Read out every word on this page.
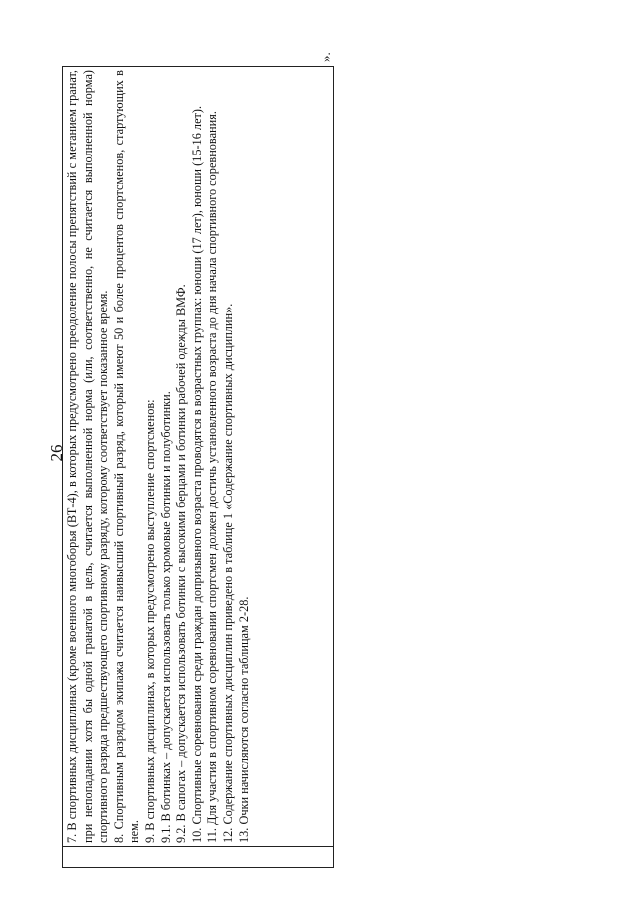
26 7. В спортивных дисциплинах (кроме военного многоборья (ВТ-4), в которых предусмотрено преодоление полосы препятствий с метанием гранат, при непопадании хотя бы одной гранатой в цель, считается выполненной норма (или, соответственно, не считается выполненной норма) спортивного разряда предшествующего спортивному разряду, которому соответствует показанное время. 8. Спортивным разрядом экипажа считается наивысший спортивный разряд, который имеют 50 и более процентов спортсменов, стартующих в нем. 9. В спортивных дисциплинах, в которых предусмотрено выступление спортсменов: 9.1. В ботинках – допускается использовать только хромовые ботинки и полуботинки. 9.2. В сапогах – допускается использовать ботинки с высокими берцами и ботинки рабочей одежды ВМФ. 10. Спортивные соревнования среди граждан допризывного возраста проводятся в возрастных группах: юноши (17 лет), юноши (15-16 лет). 11. Для участия в спортивном соревновании спортсмен должен достичь установленного возраста до дня начала спортивного соревнования. 12. Содержание спортивных дисциплин приведено в таблице 1 «Содержание спортивных дисциплин». 13. Очки начисляются согласно таблицам 2-28.

».
